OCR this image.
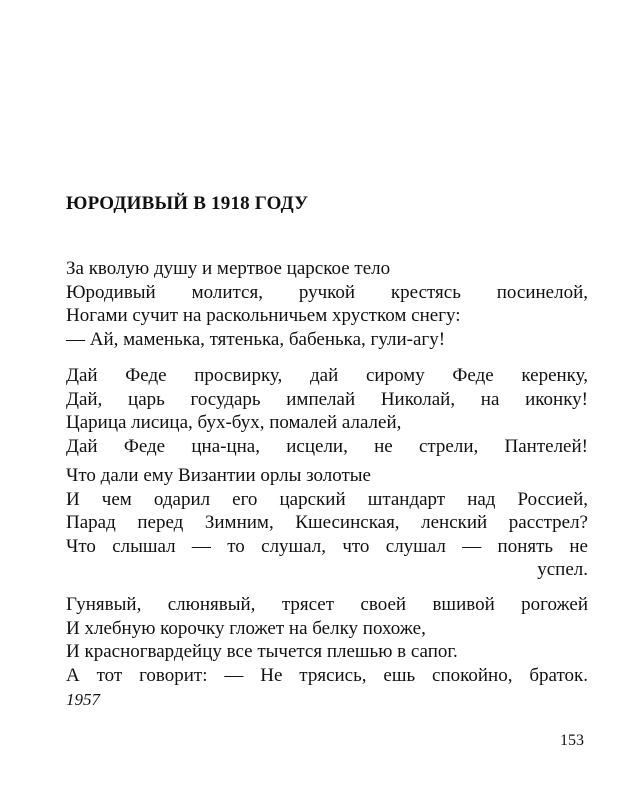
ЮРОДИВЫЙ В 1918 ГОДУ
За кволую душу и мертвое царское тело
Юродивый молится, ручкой крестясь посинелой,
Ногами сучит на раскольничьем хрустком снегу:
— Ай, маменька, тятенька, бабенька, гули-агу!
Дай Феде просвирку, дай сирому Феде керенку,
Дай, царь государь импелай Николай, на иконку!
Царица лисица, бух-бух, помалей алалей,
Дай Феде цна-цна, исцели, не стрели, Пантелей!
Что дали ему Византии орлы золотые
И чем одарил его царский штандарт над Россией,
Парад перед Зимним, Кшесинская, ленский расстрел?
Что слышал — то слушал, что слушал — понять не
успел.
Гунявый, слюнявый, трясет своей вшивой рогожей
И хлебную корочку гложет на белку похоже,
И красногвардейцу все тычется плешью в сапог.
А тот говорит: — Не трясись, ешь спокойно, браток.
1957
153
